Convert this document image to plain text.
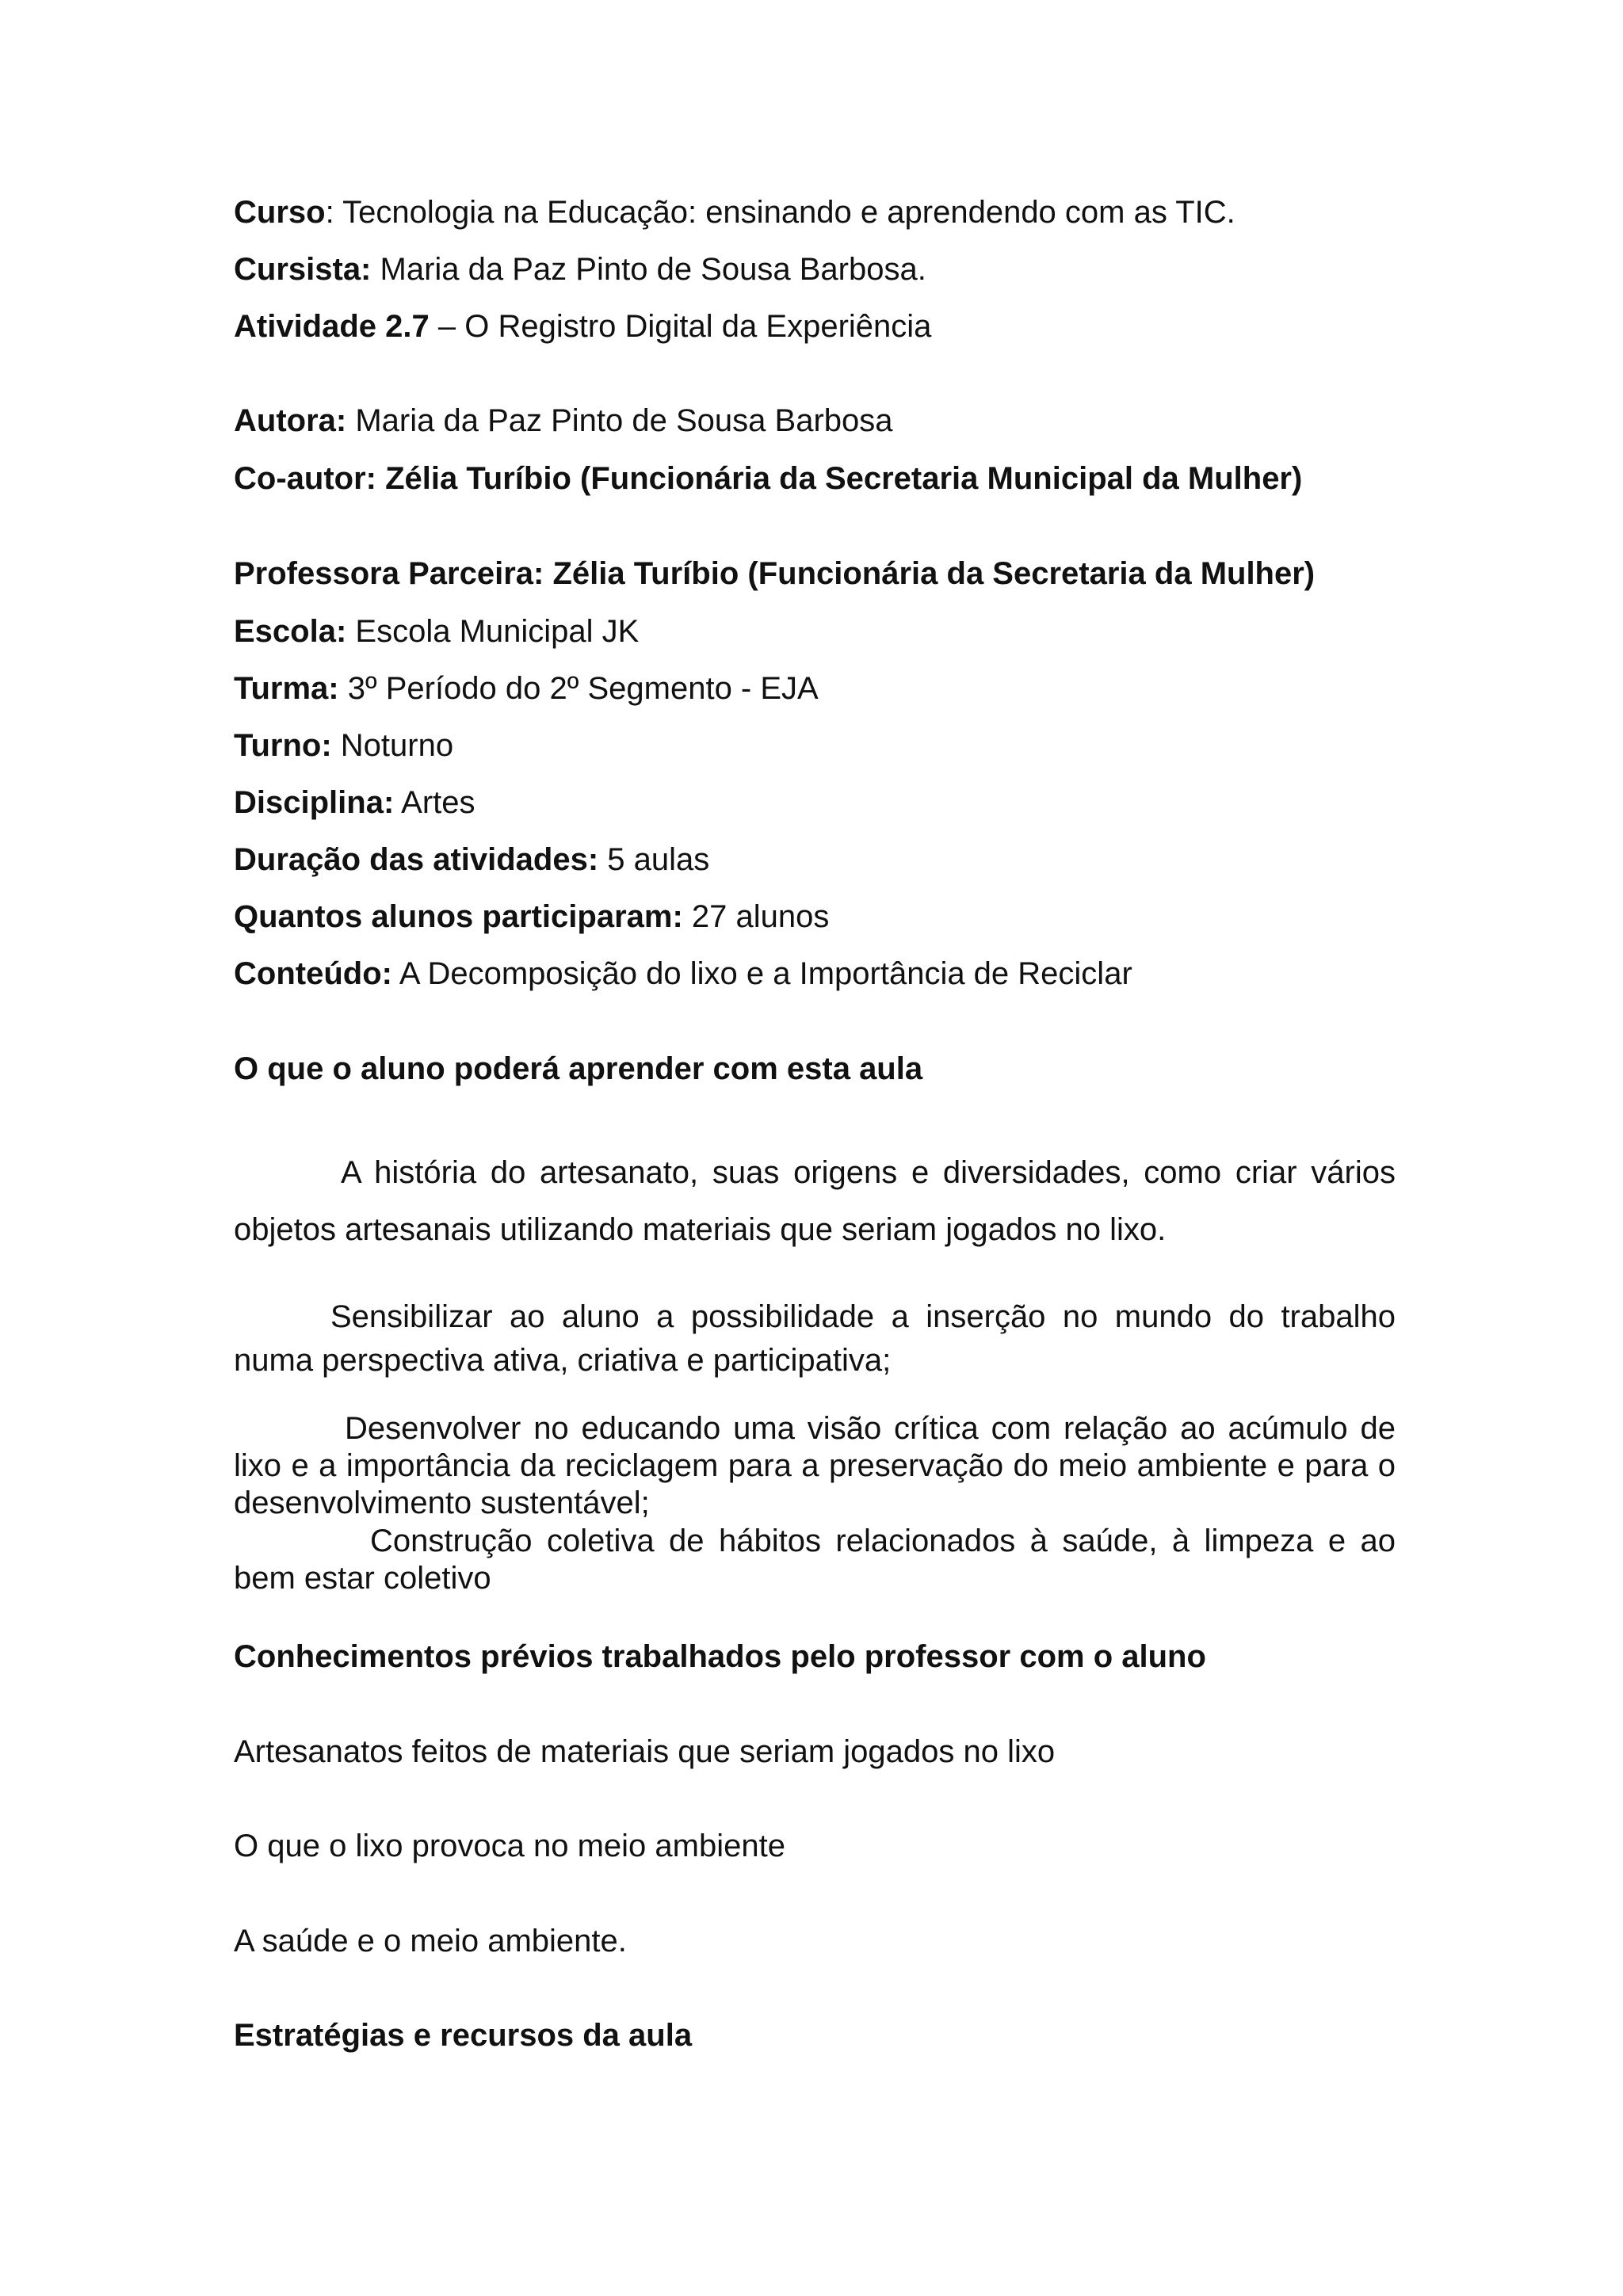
Curso: Tecnologia na Educação: ensinando e aprendendo com as TIC.
Cursista: Maria da Paz Pinto de Sousa Barbosa.
Atividade 2.7 – O Registro Digital da Experiência
Autora: Maria da Paz Pinto de Sousa Barbosa
Co-autor: Zélia Turíbio (Funcionária da Secretaria Municipal da Mulher)
Professora Parceira: Zélia Turíbio (Funcionária da Secretaria da Mulher)
Escola: Escola Municipal JK
Turma: 3º Período do 2º Segmento - EJA
Turno: Noturno
Disciplina: Artes
Duração das atividades: 5 aulas
Quantos alunos participaram: 27 alunos
Conteúdo: A Decomposição do lixo e a Importância de Reciclar
O que o aluno poderá aprender com esta aula
A história do artesanato, suas origens e diversidades, como criar vários objetos artesanais utilizando materiais que seriam jogados no lixo.
Sensibilizar ao aluno a possibilidade a inserção no mundo do trabalho numa perspectiva ativa, criativa e participativa;
Desenvolver no educando uma visão crítica com relação ao acúmulo de lixo e a importância da reciclagem para a preservação do meio ambiente e para o desenvolvimento sustentável;
Construção coletiva de hábitos relacionados à saúde, à limpeza e ao bem estar coletivo
Conhecimentos prévios trabalhados pelo professor com o aluno
Artesanatos feitos de materiais que seriam jogados no lixo
O que o lixo provoca no meio ambiente
A saúde e o meio ambiente.
Estratégias e recursos da aula
